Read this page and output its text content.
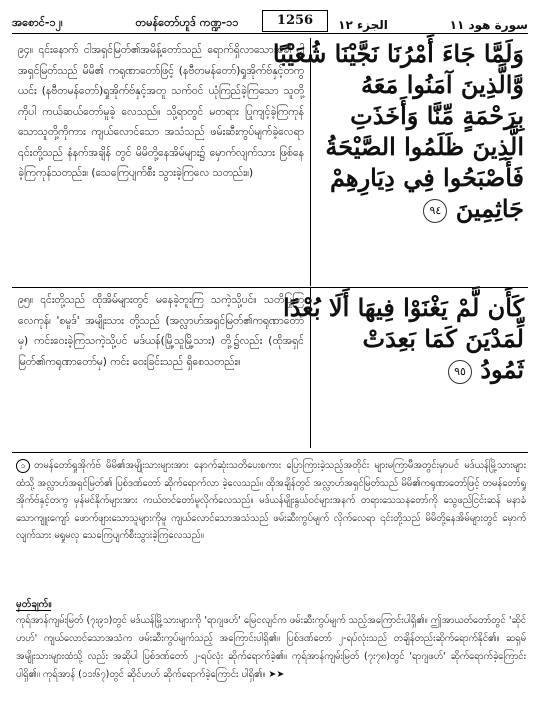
အစောင်-၁၂၊	တမန်တော်ဟူဒ် ကဏ္ဍ-၁၁	1256	الجزء ١٢	سورة هود ١١
၉၄။ ၎င်းနောက် ငါအရှင်မြတ်၏အမိန့်တော်သည် ရောက်ရှိလာသောအခါ ငါအရှင်မြတ်သည် မိမိ၏ ကရုဏာတော်ဖြင့် (နဗီတမန်တော်)ရှုအိုက်ဗ်နှင့်တကွ ယင်း (နဗီတမန်တော်)ရှုအိုက်ဗ်နှင့်အတူ သက်ဝင် ယုံကြည်ခဲ့ကြသော သူတို့ကိုပါ ကယ်ဆယ်တော်မူခဲ့ လေသည်။ သို့ရာတွင် မတရား ပြုကျင့်ခဲ့ကြကုန် သောသူတို့ကိုကား ကျယ်လောင်သော အသံသည် ဖမ်းဆီးကွပ်မျက်ခဲ့လေရာ ၎င်းတို့သည် နံနက်အချိန် တွင် မိမိတို့နေအိမ်များ၌ မှောက်လျက်သား ဖြစ်နေ ခဲ့ကြကုန်သတည်း။ (သေကြေပျက်စီး သွားခဲ့ကြလေ သတည်း။)
وَلَمَّا جَاءَ أَمْرُنَا نَجَّيْنَا شُعَيْبًا
وَّالَّذِينَ آمَنُوا مَعَهُ
بِرَحْمَةٍ مِّنَّا وَأَخَذَتِ
الَّذِينَ ظَلَمُوا الصَّيْحَةُ
فَأَصْبَحُوا فِي دِيَارِهِمْ
جَاثِمِينَ ٩٤
၉၅။ ၎င်းတို့သည် ထိုအိမ်များတွင် မနေခဲ့ဘူးကြ သကဲ့သို့ပင်။ သတိပြုကြလေကုန်၊ 'စမူဒ်' အမျိုးသား တို့သည် (အလ္လာဟ်အရှင်မြတ်၏ကရုဏာတော်မှ) ကင်းဝေးခဲ့ကြသကဲ့သို့ပင် မဒ်ယန်(မြို့သူမြို့သား) တို့၌လည်း (ထိုအရှင်မြတ်၏ကရုဏာတော်မှ) ကင်း ဝေးခြင်းသည် ရှိစေသတည်း။
كَأَن لَّمْ يَغْنَوْا فِيهَا أَلَا بُعْدًا
لِّمَدْيَنَ كَمَا بَعِدَتْ
ثَمُودُ ٩٥
၁ တမန်တော်ရှုအိုက်ဗ် မိမိ၏အမျိုးသားများအား နောက်ဆုံးသတိပေးစကား ပြောကြားခဲ့သည့်အတိုင်း များမကြာမီအတွင်းမှာပင် မဒ်ယန်မြို့သားများထံသို့ အလ္လာဟ်အရှင်မြတ်၏ ပြစ်ဒဏ်တော် ဆိုက်ရောက်လာ ခဲ့လေသည်။ ထိုအချိန်တွင် အလ္လာဟ်အရှင်မြတ်သည် မိမိ၏ကရုဏာတော်ဖြင့် တမန်တော်ရှုအိုက်ဗ်နှင့်တကွ မှန်မင်နိုက်များအား ကယ်တင်တော်မူလိုက်လေသည်။ မဒ်ယန်မျိုးနွယ်ဝင်များအနက် တရားသေသနတော်ကို သွေဖည်ငြင်းဆန် မနာခံသောကျူးကျော် ဖောက်ဖျားသောသူများကိုမူ ကျယ်လောင်သောအသံသည် ဖမ်းဆီးကွပ်မျက် လိုက်လေရာ ၎င်းတို့သည် မိမိတို့နေအိမ်များတွင် မှောက်လျက်သား မရှုမလှ သေကြေပျက်စီးသွားခဲ့ကြလေသည်။
မှတ်ချက်။
ကုရ်အာန်ကျမ်းမြတ် (၇း၉၁)တွင် မဒ်ယန်မြို့သားများကို 'ရာဂျဖဟ်' မြေငလျင်က ဖမ်းဆီးကွပ်မျက် သည့်အကြောင်းပါရှိ၏။ ဤအာယတ်တော်တွင် 'ဆိုင်ဟဟ်' ကျယ်လောင်သောအသံက ဖမ်းဆီးကွပ်မျက်သည့် အကြောင်းပါရှိ၏။ ပြစ်ဒဏ်တော် ၂-ရပ်လုံးသည် တချိန်တည်းဆိုက်ရောက်နိုင်၏။ ဆရှမ် အမျိုးသားများထံသို့ လည်း အဆိုပါ ပြစ်ဒဏ်တော် ၂-ရပ်လုံး ဆိုက်ရောက်ခဲ့၏။ ကုရ်အာန်ကျမ်းမြတ် (၇း၇၈)တွင် 'ရာဂျဖဟ်' ဆိုက်ရောက်ခဲ့ကြောင်း ပါရှိ၏။ ကုရ်အာန် (၁၁း၆၇)တွင် ဆိုင်ဟဟ် ဆိုက်ရောက်ခဲ့ကြောင်း ပါရှိ၏။ ➤➤
